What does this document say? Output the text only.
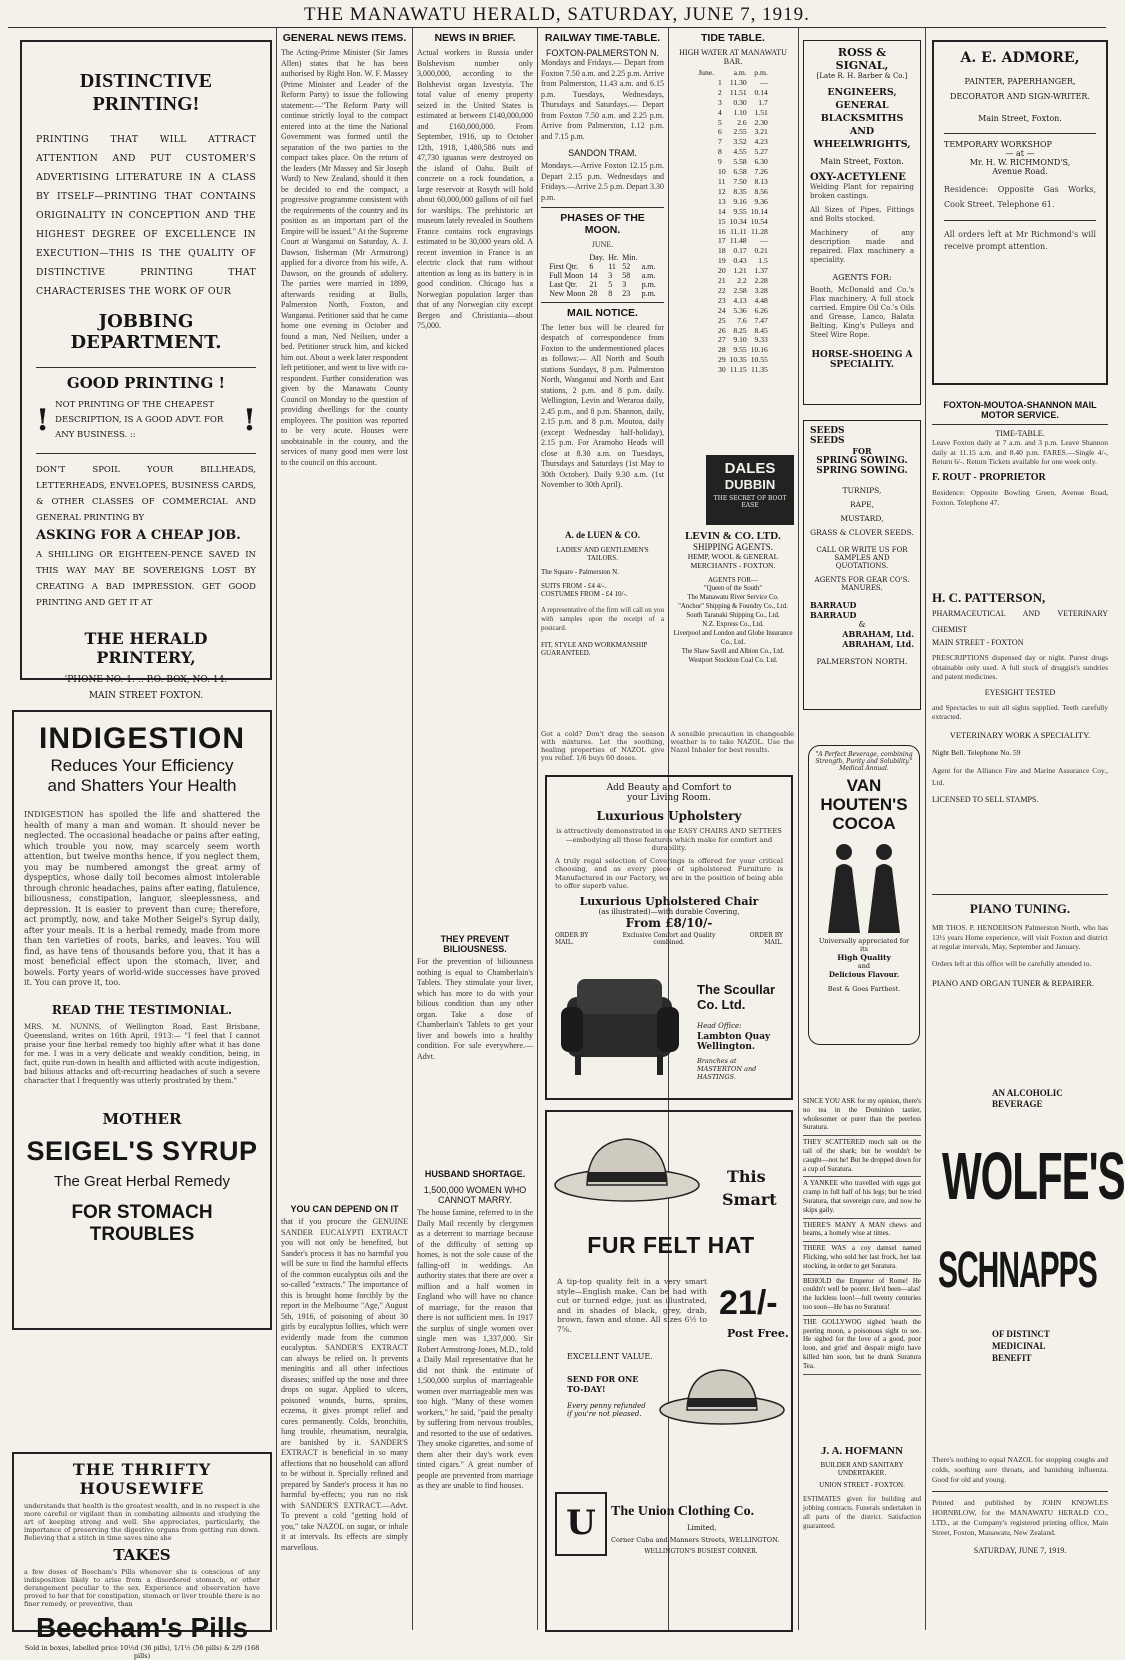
THE MANAWATU HERALD, SATURDAY, JUNE 7, 1919.
DISTINCTIVE PRINTING!
PRINTING THAT WILL ATTRACT ATTENTION AND PUT CUSTOMER'S ADVERTISING LITERATURE IN A CLASS BY ITSELF—PRINTING THAT CONTAINS ORIGINALITY IN CONCEPTION AND THE HIGHEST DEGREE OF EXCELLENCE IN EXECUTION—THIS IS THE QUALITY OF DISTINCTIVE PRINTING THAT CHARACTERISES THE WORK OF OUR
JOBBING DEPARTMENT.
GOOD PRINTING !
! NOT PRINTING OF THE CHEAPEST DESCRIPTION, IS A GOOD ADVT. FOR ANY BUSINESS. ::	!
DON'T SPOIL YOUR BILLHEADS, LETTERHEADS, ENVELOPES, BUSINESS CARDS, & OTHER CLASSES OF COMMERCIAL AND GENERAL PRINTING BY
ASKING FOR A CHEAP JOB.
A SHILLING OR EIGHTEEN-PENCE SAVED IN THIS WAY MAY BE SOVEREIGNS LOST BY CREATING A BAD IMPRESSION. GET GOOD PRINTING AND GET IT AT
THE HERALD PRINTERY,
'PHONE NO. 1. :: P.O. BOX, NO. 14.
MAIN STREET FOXTON.
INDIGESTION
Reduces Your Efficiency
and Shatters Your Health
INDIGESTION has spoiled the life and shattered the health of many a man and woman. It should never be neglected. The occasional headache or pains after eating, which trouble you now, may scarcely seem worth attention, but twelve months hence, if you neglect them, you may be numbered amongst the great army of dyspeptics, whose daily toil becomes almost intolerable through chronic headaches, pains after eating, flatulence, biliousness, constipation, languor, sleeplessness, and depression. It is easier to prevent than cure; therefore, act promptly, now, and take Mother Seigel's Syrup daily, after your meals. It is a herbal remedy, made from more than ten varieties of roots, barks, and leaves. You will find, as have tens of thousands before you, that it has a most beneficial effect upon the stomach, liver, and bowels. Forty years of world-wide successes have proved it. You can prove it, too.
READ THE TESTIMONIAL.
MRS. M. NUNNS, of Wellington Road, East Brisbane, Queensland, writes on 16th April, 1913:— "I feel that I cannot praise your fine herbal remedy too highly after what it has done for me. I was in a very delicate and weakly condition, being, in fact, quite run-down in health and afflicted with acute indigestion, bad bilious attacks and oft-recurring headaches of such a severe character that I frequently was utterly prostrated by them."
MOTHER
SEIGEL'S SYRUP
The Great Herbal Remedy
FOR STOMACH TROUBLES
THE THRIFTY HOUSEWIFE
understands that health is the greatest wealth, and in no respect is she more careful or vigilant than in combating ailments and studying the art of keeping strong and well. She appreciates, particularly, the importance of preserving the digestive organs from getting run down. Believing that a stitch in time saves nine she
TAKES
a few doses of Beecham's Pills whenever she is conscious of any indisposition likely to arise from a disordered stomach, or other derangement peculiar to the sex. Experience and observation have proved to her that for constipation, stomach or liver trouble there is no finer remedy, or preventive, than
Beecham's Pills
Sold in boxes, labelled price 10½d (36 pills), 1/1½ (56 pills) & 2/9 (168 pills)
GENERAL NEWS ITEMS.
The Acting-Prime Minister (Sir James Allen) states that he has been authorised by Right Hon. W. F. Massey (Prime Minister and Leader of the Reform Party) to issue the following statement:—"The Reform Party will continue strictly loyal to the compact entered into at the time the National Government was formed until the separation of the two parties to the compact takes place. On the return of the leaders (Mr Massey and Sir Joseph Ward) to New Zealand, should it then be decided to end the compact, a progressive programme consistent with the requirements of the country and its position as an important part of the Empire will be issued." At the Supreme Court at Wanganui on Saturday, A. J. Dawson, fisherman (Mr Armstrong) applied for a divorce from his wife, A. Dawson, on the grounds of adultery. The parties were married in 1899, afterwards residing at Bulls, Palmerston North, Foxton, and Wanganui. Petitioner said that he came home one evening in October and found a man, Ned Neilsen, under a bed. Petitioner struck him, and kicked him out. About a week later respondent left petitioner, and went to live with co-respondent. Further consideration was given by the Manawatu County Council on Monday to the question of providing dwellings for the county employees. The position was reported to be very acute. Houses were unobtainable in the county, and the services of many good men were lost to the council on this account.
YOU CAN DEPEND ON IT
that if you procure the GENUINE SANDER EUCALYPTI EXTRACT you will not only be benefited, but Sander's process it has no harmful you will be sure to find the harmful effects of the common eucalyptus oils and the so-called "extracts." The importance of this is brought home forcibly by the report in the Melbourne "Age," August 5th, 1916, of poisoning of about 30 girls by eucalyptus lollies, which were evidently made from the common eucalyptus. SANDER'S EXTRACT can always be relied on. It prevents meningitis and all other infectious diseases; sniffed up the nose and three drops on sugar. Applied to ulcers, poisoned wounds, burns, sprains, eczema, it gives prompt relief and cures permanently. Colds, bronchitis, lung trouble, rheumatism, neuralgia, are banished by it. SANDER'S EXTRACT is beneficial in so many affections that no household can afford to be without it. Specially refined and prepared by Sander's process it has no harmful by-effects; you run no risk with SANDER'S EXTRACT.—Advt. To prevent a cold "getting hold of you," take NAZOL on sugar, or inhale it at intervals. Its effects are simply marvellous.
NEWS IN BRIEF.
Actual workers in Russia under Bolshevism number only 3,000,000, according to the Bolshevist organ Izvestyia. The total value of enemy property seized in the United States is estimated at between £140,000,000 and £160,000,000. From September, 1916, up to October 12th, 1918, 1,480,586 nuts and 47,730 iguanas were destroyed on the island of Oahu. Built of concrete on a rock foundation, a large reservoir at Rosyth will hold about 60,000,000 gallons of oil fuel for warships. The prehistoric art museum lately revealed in Southern France contains rock engravings estimated to be 30,000 years old. A recent invention in France is an electric clock that runs without attention as long as its battery is in good condition. Chicago has a Norwegian population larger than that of any Norwegian city except Bergen and Christiania—about 75,000.
THEY PREVENT BILIOUSNESS.
For the prevention of biliousness nothing is equal to Chamberlain's Tablets. They stimulate your liver, which has more to do with your bilious condition than any other organ. Take a dose of Chamberlain's Tablets to get your liver and bowels into a healthy condition. For sale everywhere.—Advt.
HUSBAND SHORTAGE.
1,500,000 WOMEN WHO CANNOT MARRY.
The house famine, referred to in the Daily Mail recently by clergymen as a deterrent to marriage because of the difficulty of setting up homes, is not the sole cause of the falling-off in weddings. An authority states that there are over a million and a half women in England who will have no chance of marriage, for the reason that there is not sufficient men. In 1917 the surplus of single women over single men was 1,337,000. Sir Robert Armstrong-Jones, M.D., told a Daily Mail representative that he did not think the estimate of 1,500,000 surplus of marriageable women over marriageable men was too high. "Many of these women workers," he said, "paid the penalty by suffering from nervous troubles, and resorted to the use of sedatives. They smoke cigarettes, and some of them alter their day's work even tinted cigars." A great number of people are prevented from marriage as they are unable to find houses.
RAILWAY TIME-TABLE.
FOXTON-PALMERSTON N.
Mondays and Fridays.— Depart from Foxton 7.50 a.m. and 2.25 p.m. Arrive from Palmerston, 11.43 a.m. and 6.15 p.m. Tuesdays, Wednesdays, Thursdays and Saturdays.— Depart from Foxton 7.50 a.m. and 2.25 p.m. Arrive from Palmerston, 1.12 p.m. and 7.15 p.m.
SANDON TRAM.
Mondays.—Arrive Foxton 12.15 p.m. Depart 2.15 p.m. Wednesdays and Fridays.—Arrive 2.5 p.m. Depart 3.30 p.m.
PHASES OF THE MOON.
JUNE.
	Day.	Hr.	Min.	
First Qtr.	6	11	52	a.m.
Full Moon	14	3	58	a.m.
Last Qtr.	21	5	3	p.m.
New Moon	28	8	23	p.m.
MAIL NOTICE.
The letter box will be cleared for despatch of correspondence from Foxton to the undermentioned places as follows:— All North and South stations Sundays, 8 p.m. Palmerston North, Wanganui and North and East stations, 2 p.m. and 8 p.m. daily. Wellington, Levin and Weraroa daily, 2.45 p.m., and 8 p.m. Shannon, daily, 2.15 p.m. and 8 p.m. Moutoa, daily (except Wednesday half-holiday), 2.15 p.m. For Aramoho Heads will close at 8.30 a.m. on Tuesdays, Thursdays and Saturdays (1st May to 30th October). Daily 9.30 a.m. (1st November to 30th April).
TIDE TABLE.
HIGH WATER AT MANAWATU BAR.
June.		a.m.	p.m.
	1	11.30	—
	2	11.51	0.14
	3	0.30	1.7
	4	1.10	1.51
	5	2.6	2.30
	6	2.55	3.21
	7	3.52	4.23
	8	4.55	5.27
	9	5.58	6.30
	10	6.58	7.26
	11	7.50	8.13
	12	8.35	8.56
	13	9.16	9.36
	14	9.55	10.14
	15	10.34	10.54
	16	11.11	11.28
	17	11.48	—
	18	0.17	0.21
	19	0.43	1.5
	20	1.21	1.37
	21	2.2	2.28
	22	2.58	3.28
	23	4.13	4.48
	24	5.36	6.26
	25	7.6	7.47
	26	8.25	8.45
	27	9.10	9.33
	28	9.55	10.16
	29	10.35	10.55
	30	11.15	11.35
DALES
DUBBIN
THE SECRET OF BOOT EASE
A. de LUEN & CO.
LADIES' AND GENTLEMEN'S TAILORS.
The Square - Palmerston N.
SUITS FROM - £4 4/-.
COSTUMES FROM - £4 10/-.
A representative of the firm will call on you with samples upon the receipt of a postcard.
FIT, STYLE AND WORKMANSHIP GUARANTEED.
LEVIN & CO. LTD.
SHIPPING AGENTS.
HEMP, WOOL & GENERAL MERCHANTS - FOXTON.
AGENTS FOR—
"Queen of the South"
The Manawatu River Service Co.
"Anchor" Shipping & Foundry Co., Ltd.
South Taranaki Shipping Co., Ltd.
N.Z. Express Co., Ltd.
Liverpool and London and Globe Insurance Co., Ltd.
The Shaw Savill and Albion Co., Ltd.
Westport Stockton Coal Co. Ltd.
Got a cold? Don't drag the season with mixtures. Let the soothing, healing properties of NAZOL give you relief. 1/6 buys 60 doses.
A sensible precaution in changeable weather is to take NAZOL. Use the Nazol Inhaler for best results.
Add Beauty and Comfort to
your Living Room.
Luxurious Upholstery
is attractively demonstrated in our EASY CHAIRS AND SETTEES—embodying all those features which make for comfort and durability.
A truly regal selection of Coverings is offered for your critical choosing, and as every piece of upholstered Furniture is Manufactured in our Factory, we are in the position of being able to offer superb value.
Luxurious Upholstered Chair
(as illustrated)—with durable Covering,
From £8/10/-
ORDER BY MAIL.
Exclusive Comfort and Quality combined.
ORDER BY MAIL.
The Scoullar Co. Ltd.
Head Office:
Lambton Quay Wellington.
Branches at MASTERTON and HASTINGS.
This
Smart
FUR FELT HAT
A tip-top quality felt in a very smart style—English make. Can be had with cut or turned edge, just as illustrated, and in shades of black, grey, drab, brown, fawn and stone. All sizes 6½ to 7⅝.
21/-
Post Free.
EXCELLENT VALUE.
SEND FOR ONE TO-DAY!
Every penny refunded if you're not pleased.
U	The Union Clothing Co.
Limited,
Corner Cuba and Manners Streets, WELLINGTON.
WELLINGTON'S BUSIEST CORNER.
ROSS & SIGNAL,
[Late R. H. Barber & Co.]
ENGINEERS, GENERAL BLACKSMITHS AND WHEELWRIGHTS,
Main Street, Foxton.
OXY-ACETYLENE
Welding Plant for repairing broken castings.
All Sizes of Pipes, Fittings and Bolts stocked.
Machinery of any description made and repaired. Flax machinery a speciality.
AGENTS FOR:
Booth, McDonald and Co.'s Flax machinery. A full stock carried. Empire Oil Co.'s Oils and Grease, Lanco, Balata Belting, King's Pulleys and Steel Wire Rope.
HORSE-SHOEING A SPECIALITY.
SEEDS
SEEDS
FOR
SPRING SOWING.
SPRING SOWING.
TURNIPS,
RAPE,
MUSTARD,
GRASS & CLOVER SEEDS.
CALL OR WRITE US FOR SAMPLES AND QUOTATIONS.
AGENTS FOR GEAR CO'S. MANURES.
BARRAUD
BARRAUD
&
ABRAHAM, Ltd.
ABRAHAM, Ltd.
PALMERSTON NORTH.
"A Perfect Beverage, combining Strength, Purity and Solubility."
Medical Annual.
VAN HOUTEN'S
COCOA
Universally appreciated for its
High Quality
and
Delicious Flavour.
Best & Goes Farthest.
SINCE YOU ASK for my opinion, there's no tea in the Dominion tastier, wholesomer or purer than the peerless Suratura.
THEY SCATTERED much salt on the tail of the shark; but he wouldn't be caught—not he! But he dropped down for a cup of Suratura.
A YANKEE who travelled with eggs got cramp in full half of his legs; but he tried Suratura, that sovereign cure, and now he skips gaily.
THERE'S MANY A MAN chews and beams, a homely wise at times.
THERE WAS a coy damsel named Flicking, who sold her last frock, her last stocking, in order to get Suratura.
BEHOLD the Emperor of Rome! He couldn't well be poorer. He'd been—alas! the luckless loon!—full twenty centuries too soon—He has no Suratura!
THE GOLLYWOG sighed 'neath the peering moon, a poisonous sight to see. He sighed for the love of a good, poor loon, and grief and despair might have killed him soon, but he drank Suratura Tea.
J. A. HOFMANN
BUILDER AND SANITARY UNDERTAKER.
UNION STREET - FOXTON.
ESTIMATES given for building and jobbing contracts. Funerals undertaken in all parts of the district. Satisfaction guaranteed.
A. E. ADMORE,
PAINTER, PAPERHANGER, DECORATOR AND SIGN-WRITER.
Main Street, Foxton.
TEMPORARY WORKSHOP
— at —
Mr. H. W. RICHMOND'S,
Avenue Road.
Residence: Opposite Gas Works, Cook Street. Telephone 61.
All orders left at Mr Richmond's will receive prompt attention.
FOXTON-MOUTOA-SHANNON MAIL MOTOR SERVICE.
TIME-TABLE.
Leave Foxton daily at 7 a.m. and 3 p.m. Leave Shannon daily at 11.15 a.m. and 8.40 p.m. FARES.—Single 4/-, Return 6/-. Return Tickets available for one week only.
F. ROUT - PROPRIETOR
Residence: Opposite Bowling Green, Avenue Road, Foxton. Telephone 47.
H. C. PATTERSON,
PHARMACEUTICAL AND VETERINARY CHEMIST
MAIN STREET - FOXTON
PRESCRIPTIONS dispensed day or night. Purest drugs obtainable only used. A full stock of druggist's sundries and patent medicines.
EYESIGHT TESTED
and Spectacles to suit all sights supplied. Teeth carefully extracted.
VETERINARY WORK A SPECIALITY.
Night Bell. Telephone No. 59
Agent for the Alliance Fire and Marine Assurance Coy., Ltd.
LICENSED TO SELL STAMPS.
PIANO TUNING.
MR THOS. P. HENDERSON Palmerston North, who has 13½ years Home experience, will visit Foxton and district at regular intervals, May, September and January.
Orders left at this office will be carefully attended to.
PIANO AND ORGAN TUNER & REPAIRER.
AN ALCOHOLIC BEVERAGE
WOLFE'S
SCHNAPPS
OF DISTINCT MEDICINAL BENEFIT
There's nothing to equal NAZOL for stopping coughs and colds, soothing sore throats, and banishing influenza. Good for old and young.
Printed and published by JOHN KNOWLES HORNBLOW, for the MANAWATU HERALD CO., LTD., at the Company's registered printing office, Main Street, Foxton, Manawatu, New Zealand.
SATURDAY, JUNE 7, 1919.
